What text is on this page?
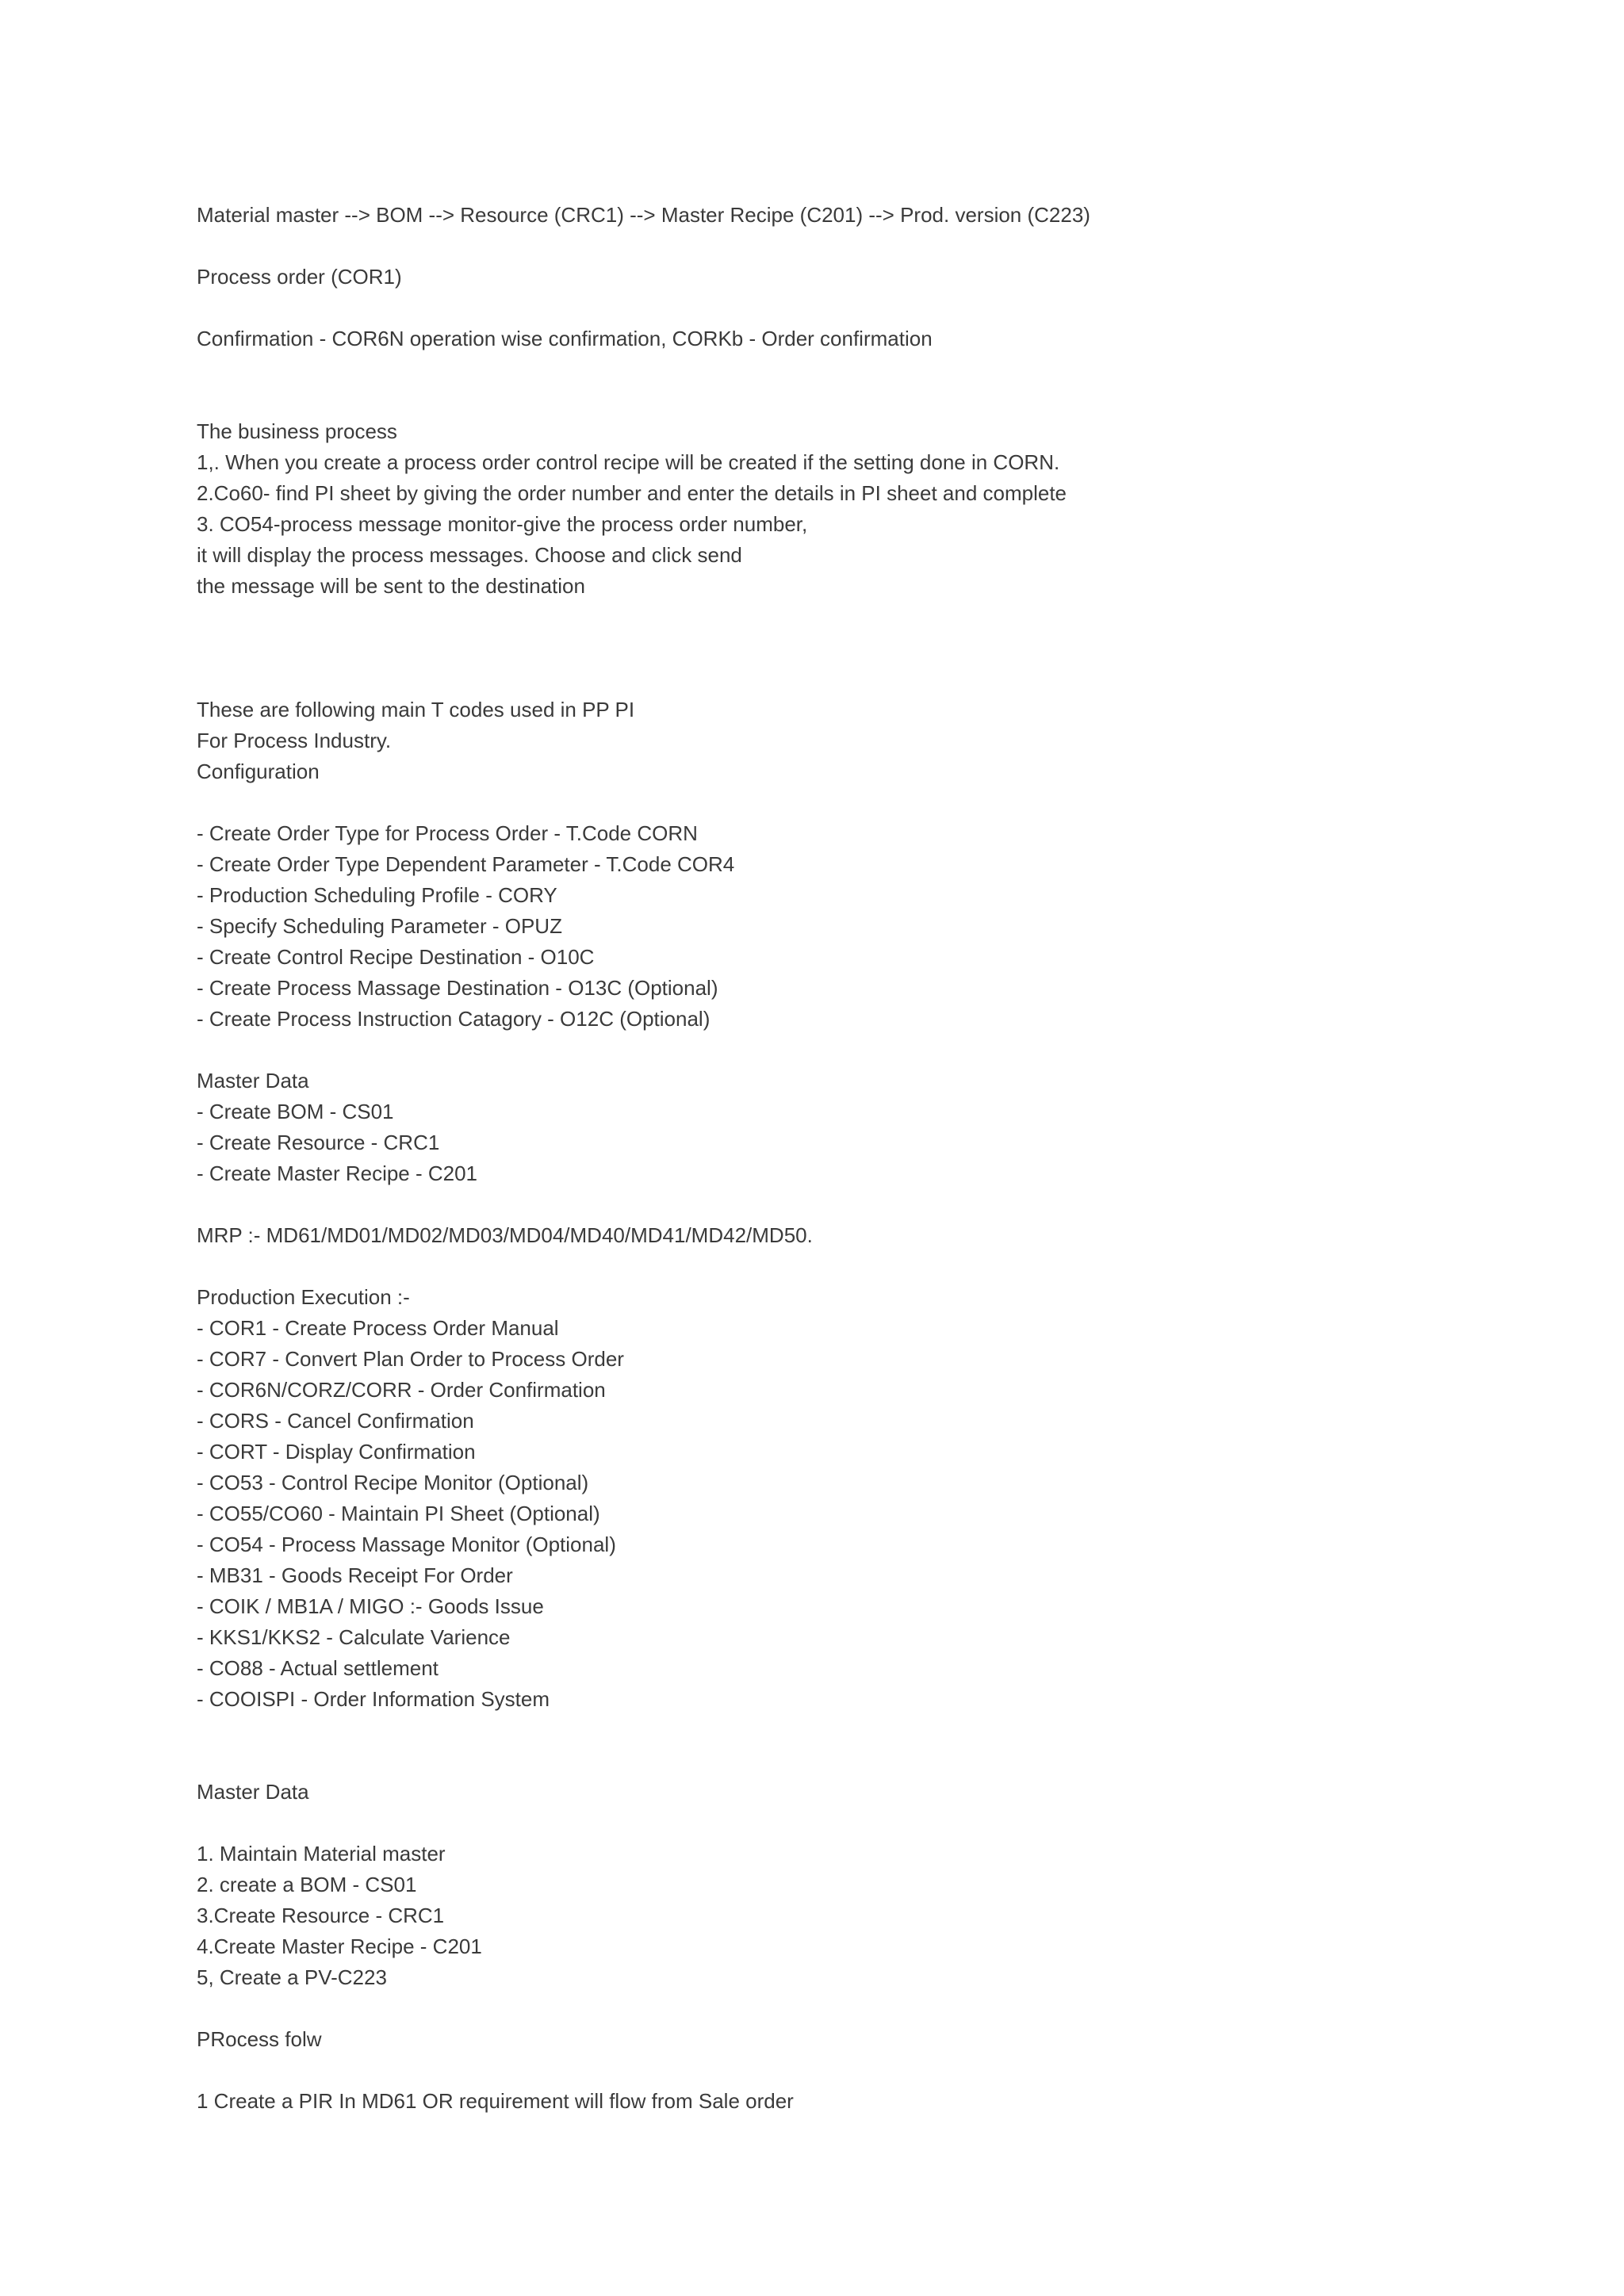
Material master --> BOM --> Resource (CRC1) --> Master Recipe (C201) --> Prod. version (C223)
Process order (COR1)
Confirmation - COR6N operation wise confirmation, CORKb - Order confirmation
The business process
1,. When you create a process order control recipe will be created if the setting done in CORN.
2.Co60- find PI sheet by giving the order number and enter the details in PI sheet and complete
3. CO54-process message monitor-give the process order number,
it will display the process messages. Choose and click send
the message will be sent to the destination
These are following main T codes used in PP PI
For Process Industry.
Configuration
- Create Order Type for Process Order - T.Code CORN
- Create Order Type Dependent Parameter - T.Code COR4
- Production Scheduling Profile - CORY
- Specify Scheduling Parameter - OPUZ
- Create Control Recipe Destination - O10C
- Create Process Massage Destination - O13C (Optional)
- Create Process Instruction Catagory - O12C (Optional)
Master Data
- Create BOM - CS01
- Create Resource - CRC1
- Create Master Recipe - C201
MRP :- MD61/MD01/MD02/MD03/MD04/MD40/MD41/MD42/MD50.
Production Execution :-
- COR1 - Create Process Order Manual
- COR7 - Convert Plan Order to Process Order
- COR6N/CORZ/CORR - Order Confirmation
- CORS - Cancel Confirmation
- CORT - Display Confirmation
- CO53 - Control Recipe Monitor (Optional)
- CO55/CO60 - Maintain PI Sheet (Optional)
- CO54 - Process Massage Monitor (Optional)
- MB31 - Goods Receipt For Order
- COIK / MB1A / MIGO :- Goods Issue
- KKS1/KKS2 - Calculate Varience
- CO88 - Actual settlement
- COOISPI - Order Information System
Master Data
1. Maintain Material master
2. create a BOM - CS01
3.Create Resource - CRC1
4.Create Master Recipe - C201
5, Create a PV-C223
PRocess folw
1 Create a PIR In MD61 OR requirement will flow from Sale order
